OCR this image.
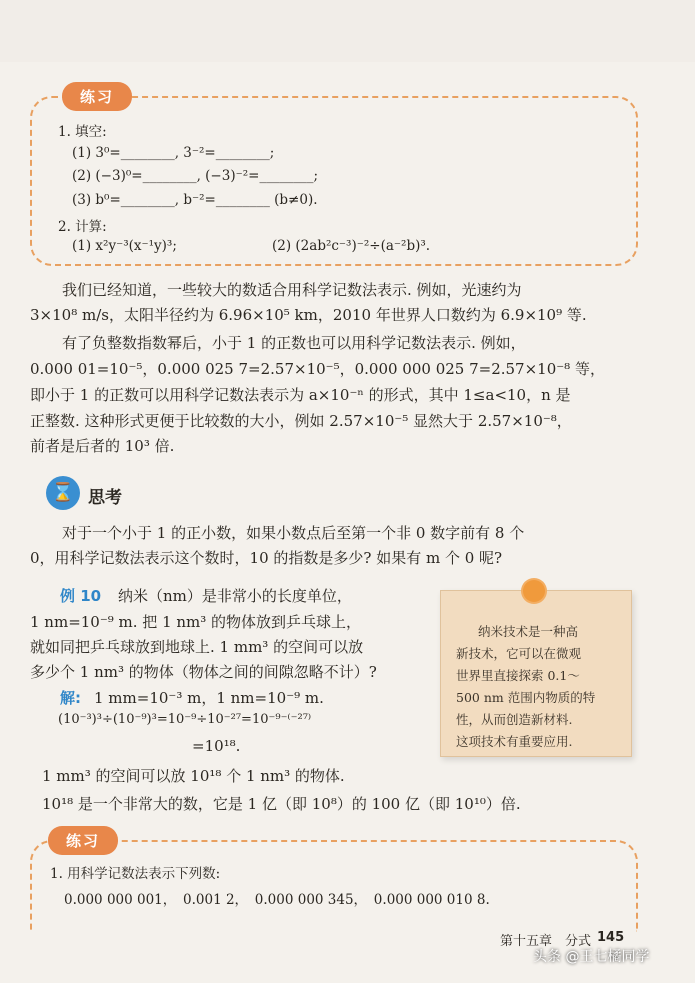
练习
1. 填空:
(1) 3⁰=________, 3⁻²=________;
(2) (−3)⁰=________, (−3)⁻²=________;
(3) b⁰=________, b⁻²=________ (b≠0).
2. 计算:
(1) x²y⁻³(x⁻¹y)³;	(2) (2ab²c⁻³)⁻²÷(a⁻²b)³.
我们已经知道，一些较大的数适合用科学记数法表示. 例如，光速约为
3×10⁸ m/s，太阳半径约为 6.96×10⁵ km，2010 年世界人口数约为 6.9×10⁹ 等.
有了负整数指数幂后，小于 1 的正数也可以用科学记数法表示. 例如，
0.000 01=10⁻⁵，0.000 025 7=2.57×10⁻⁵，0.000 000 025 7=2.57×10⁻⁸ 等，
即小于 1 的正数可以用科学记数法表示为 a×10⁻ⁿ 的形式，其中 1≤a<10，n 是
正整数. 这种形式更便于比较数的大小，例如 2.57×10⁻⁵ 显然大于 2.57×10⁻⁸，
前者是后者的 10³ 倍.
⌛ 思考
对于一个小于 1 的正小数，如果小数点后至第一个非 0 数字前有 8 个
0，用科学记数法表示这个数时，10 的指数是多少? 如果有 m 个 0 呢?
例 10 纳米（nm）是非常小的长度单位，
1 nm=10⁻⁹ m. 把 1 nm³ 的物体放到乒乓球上，
就如同把乒乓球放到地球上. 1 mm³ 的空间可以放
多少个 1 nm³ 的物体（物体之间的间隙忽略不计）?
解: 1 mm=10⁻³ m，1 nm=10⁻⁹ m.
(10⁻³)³÷(10⁻⁹)³=10⁻⁹÷10⁻²⁷=10⁻⁹⁻⁽⁻²⁷⁾
=10¹⁸.
1 mm³ 的空间可以放 10¹⁸ 个 1 nm³ 的物体.
10¹⁸ 是一个非常大的数，它是 1 亿（即 10⁸）的 100 亿（即 10¹⁰）倍.
纳米技术是一种高
新技术，它可以在微观
世界里直接探索 0.1～
500 nm 范围内物质的特
性，从而创造新材料.
这项技术有重要应用.
练习
1. 用科学记数法表示下列数:
0.000 000 001，　0.001 2，　0.000 000 345，　0.000 000 010 8.
第十五章　分式 145
头条 @王七橘同学
